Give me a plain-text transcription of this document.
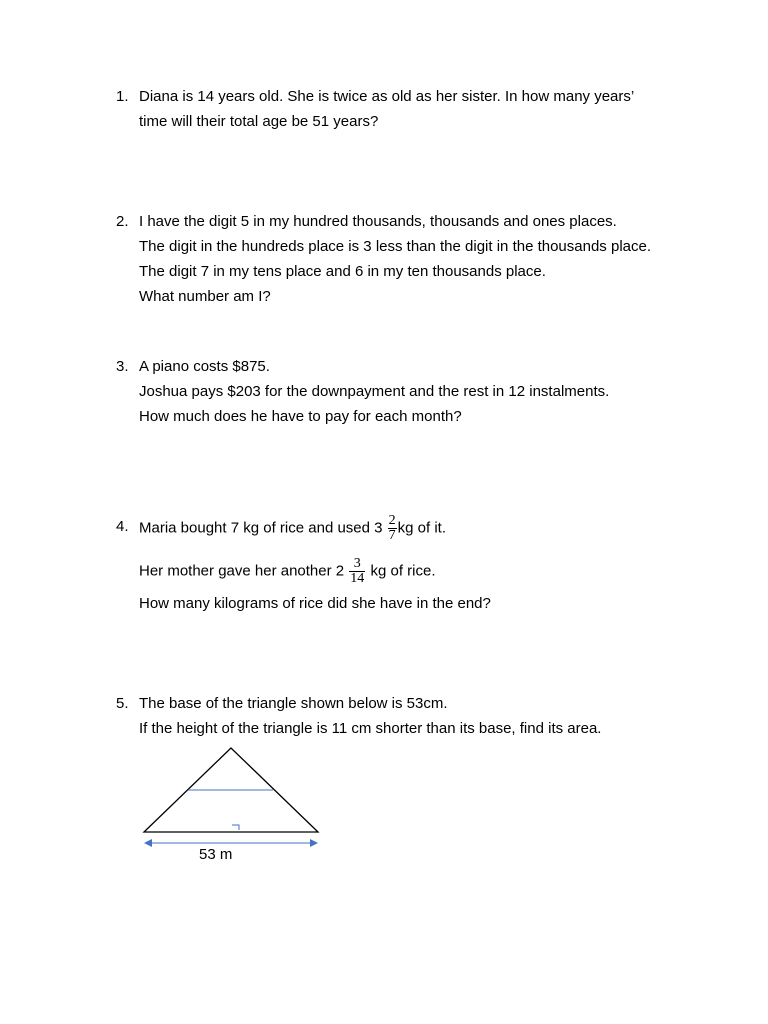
1. Diana is 14 years old. She is twice as old as her sister. In how many years’
time will their total age be 51 years?
2. I have the digit 5 in my hundred thousands, thousands and ones places.
The digit in the hundreds place is 3 less than the digit in the thousands place.
The digit 7 in my tens place and 6 in my ten thousands place.
What number am I?
3. A piano costs $875.
Joshua pays $203 for the downpayment and the rest in 12 instalments.
How much does he have to pay for each month?
4. Maria bought 7 kg of rice and used $3 \frac{2}{7}$ kg of it.
Her mother gave her another $2 \frac{3}{14}$ kg of rice.
How many kilograms of rice did she have in the end?
5. The base of the triangle shown below is 53cm.
If the height of the triangle is 11 cm shorter than its base, find its area.
53 m
